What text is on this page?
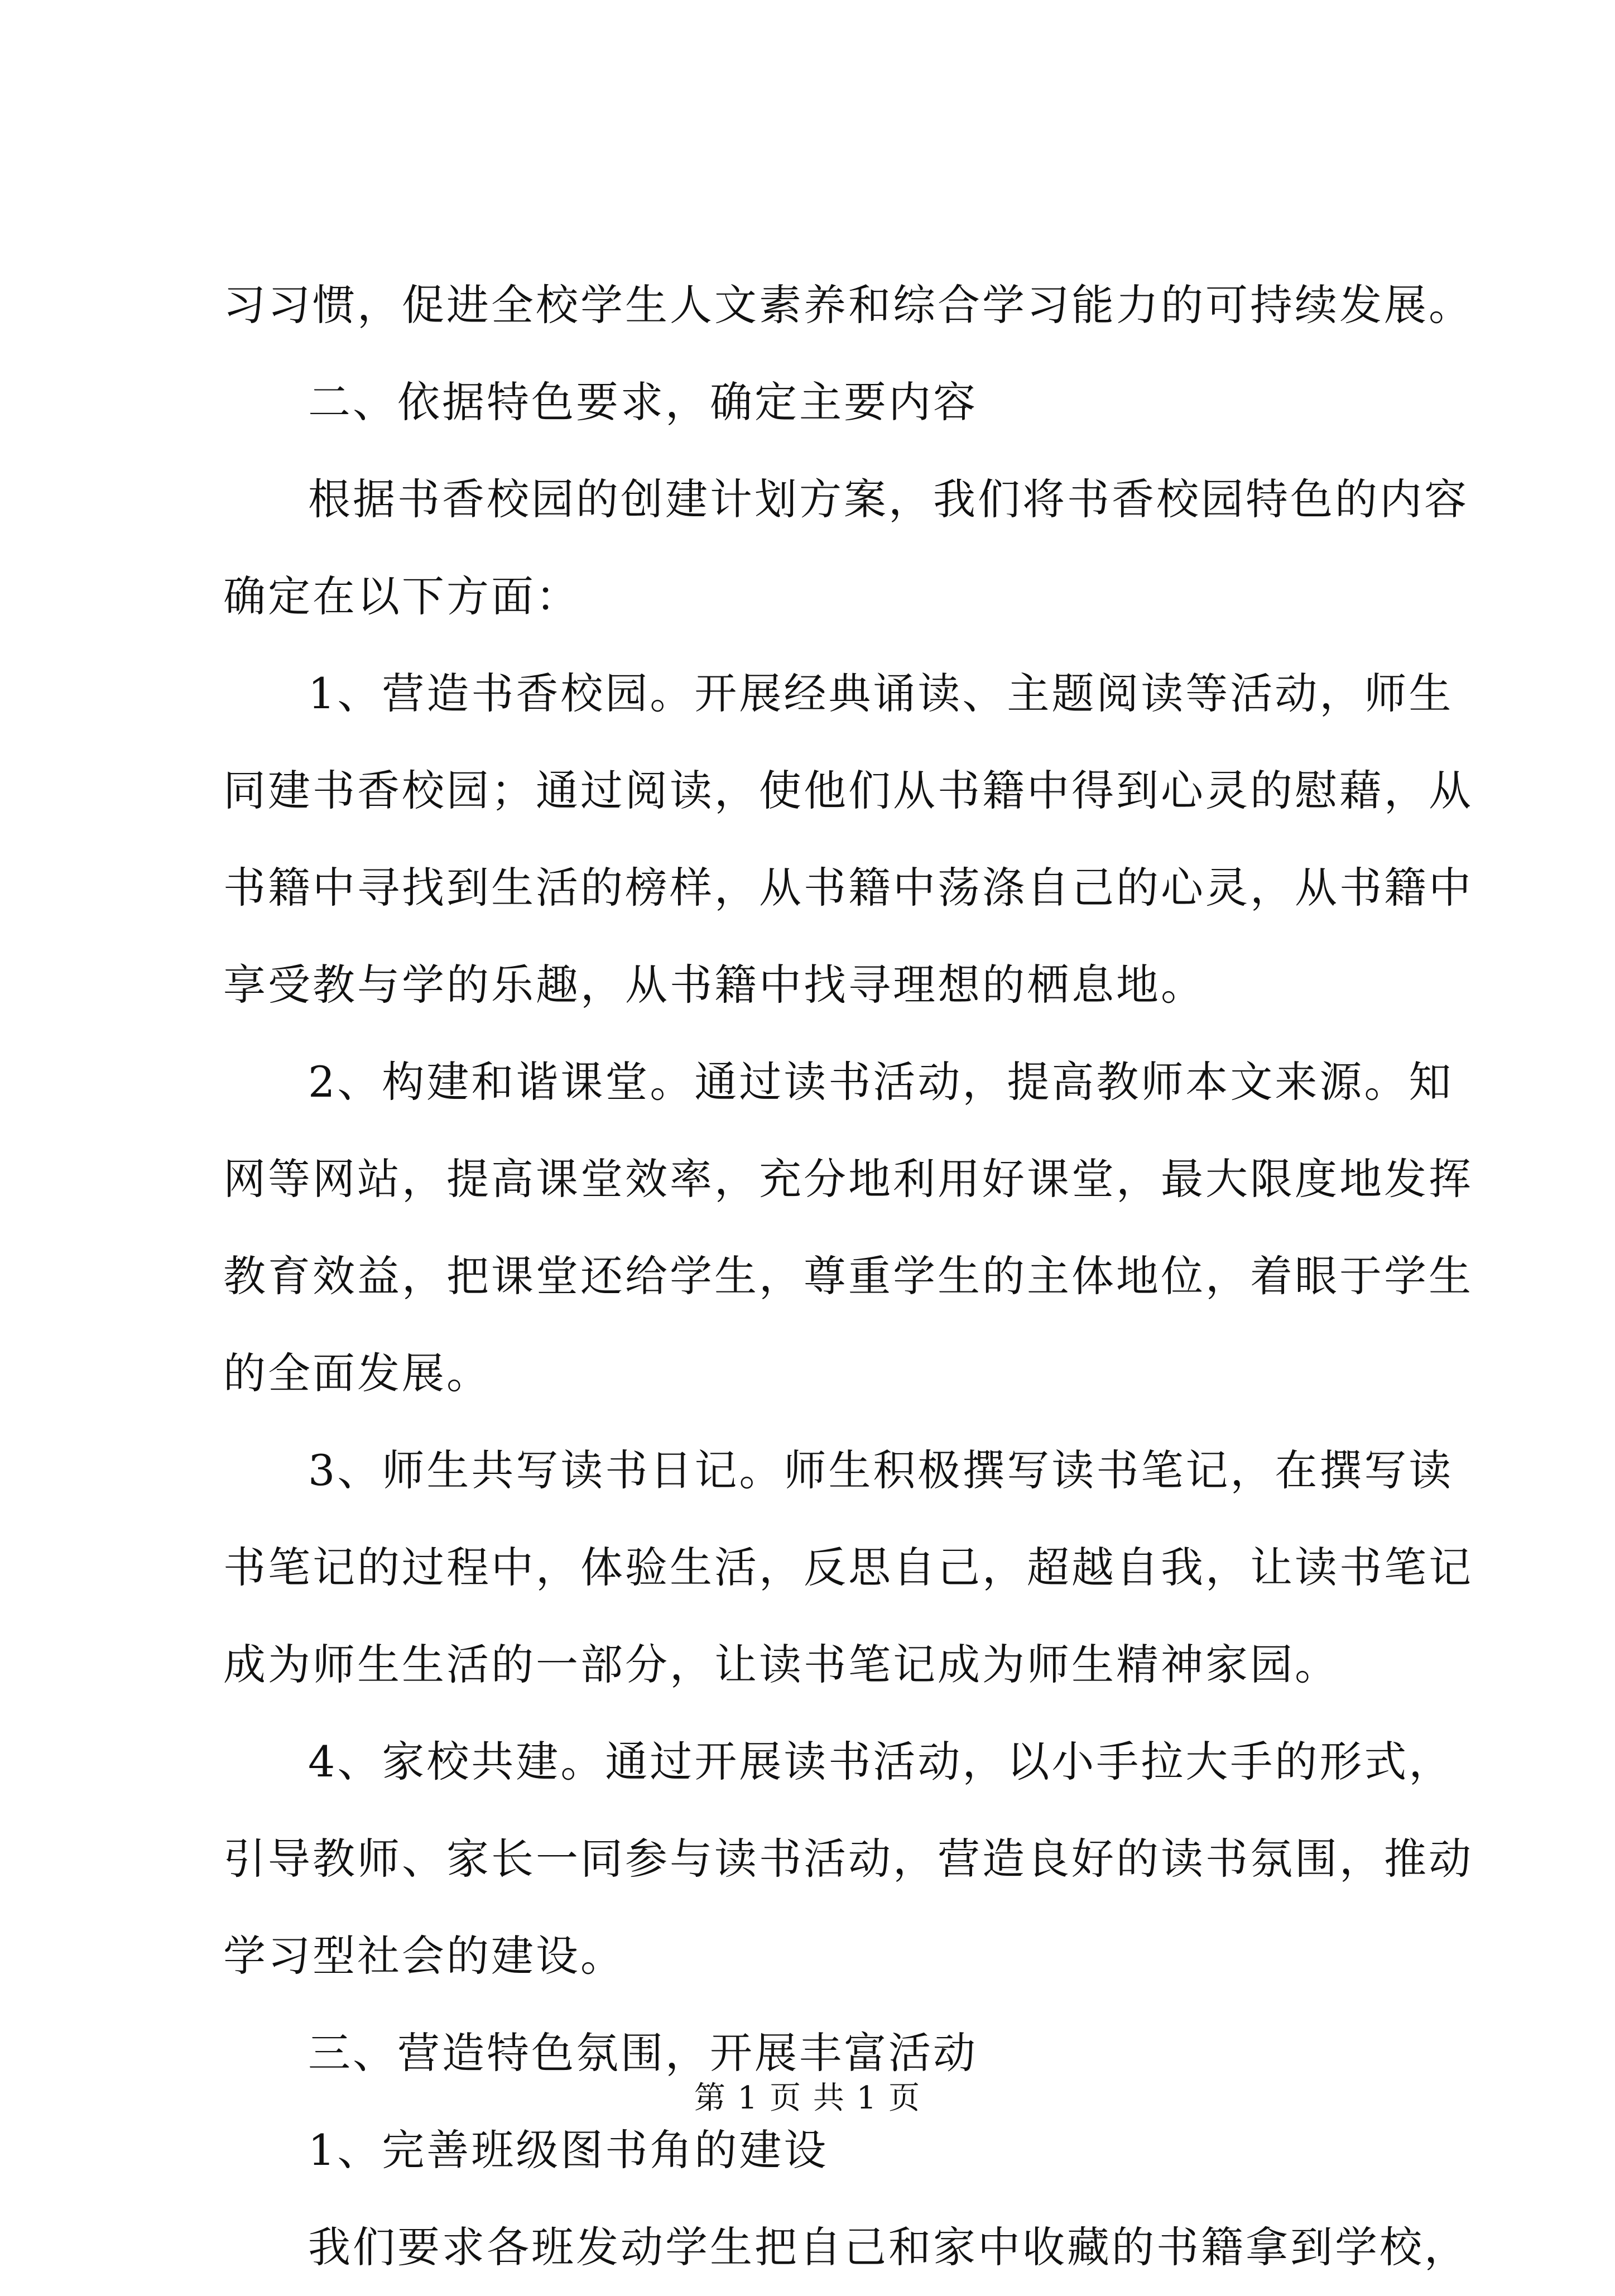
习习惯，促进全校学生人文素养和综合学习能力的可持续发展。
二、依据特色要求，确定主要内容
根据书香校园的创建计划方案，我们将书香校园特色的内容
确定在以下方面：
1、营造书香校园。开展经典诵读、主题阅读等活动，师生
同建书香校园；通过阅读，使他们从书籍中得到心灵的慰藉，从
书籍中寻找到生活的榜样，从书籍中荡涤自己的心灵，从书籍中
享受教与学的乐趣，从书籍中找寻理想的栖息地。
2、构建和谐课堂。通过读书活动，提高教师本文来源。知
网等网站，提高课堂效率，充分地利用好课堂，最大限度地发挥
教育效益，把课堂还给学生，尊重学生的主体地位，着眼于学生
的全面发展。
3、师生共写读书日记。师生积极撰写读书笔记，在撰写读
书笔记的过程中，体验生活，反思自己，超越自我，让读书笔记
成为师生生活的一部分，让读书笔记成为师生精神家园。
4、家校共建。通过开展读书活动，以小手拉大手的形式，
引导教师、家长一同参与读书活动，营造良好的读书氛围，推动
学习型社会的建设。
三、营造特色氛围，开展丰富活动
1、完善班级图书角的建设
我们要求各班发动学生把自己和家中收藏的书籍拿到学校，
第 1 页 共 1 页
